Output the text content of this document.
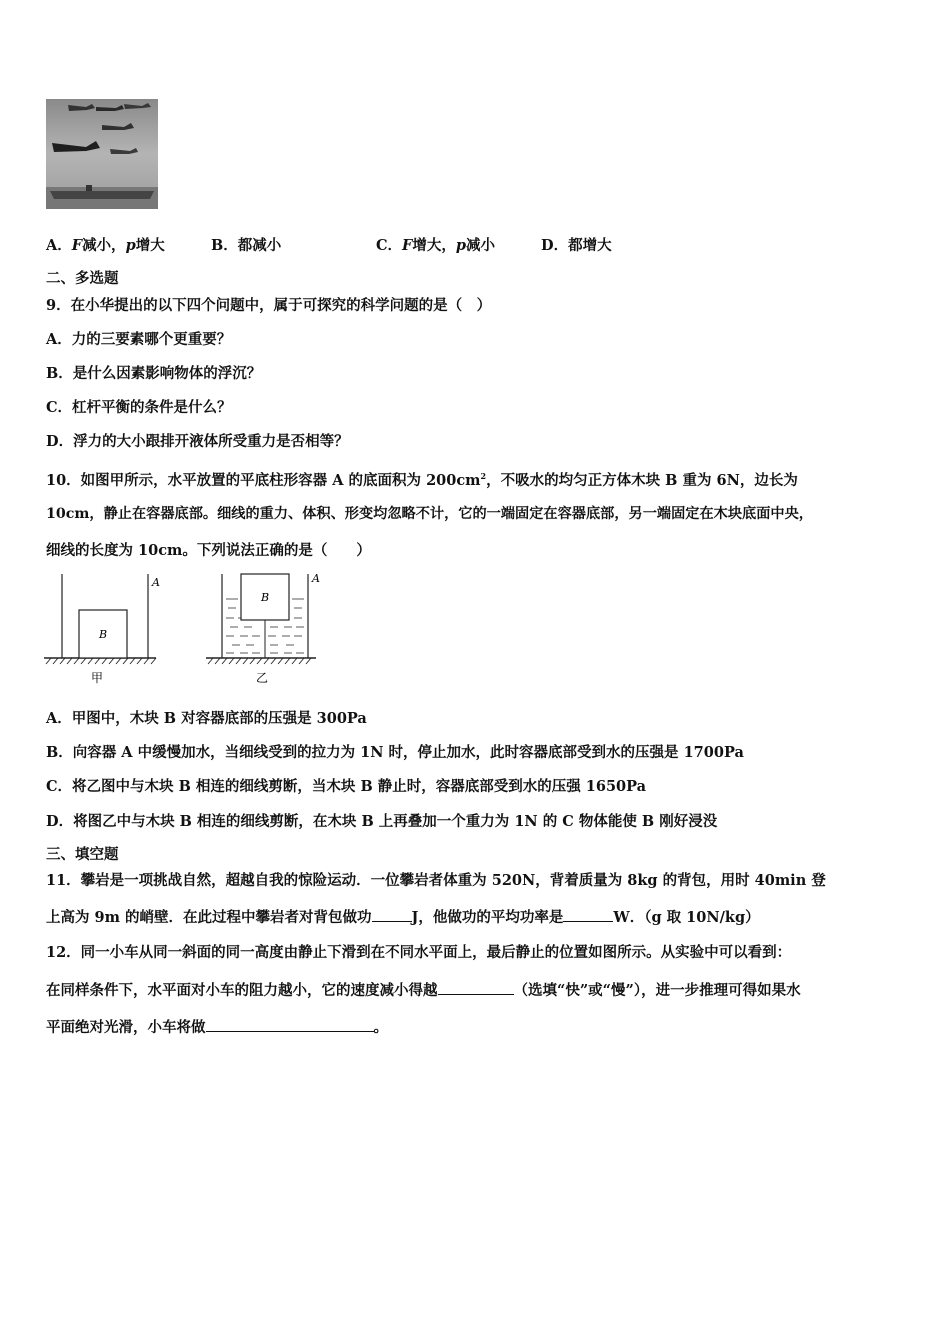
A．F减小，p增大	B．都减小	C．F增大，p减小	D．都增大
二、多选题
9．在小华提出的以下四个问题中，属于可探究的科学问题的是（　）
A．力的三要素哪个更重要？
B．是什么因素影响物体的浮沉？
C．杠杆平衡的条件是什么？
D．浮力的大小跟排开液体所受重力是否相等？
10．如图甲所示，水平放置的平底柱形容器 A 的底面积为 $200cm^2$，不吸水的均匀正方体木块 B 重为 6N，边长为
10cm，静止在容器底部。细线的重力、体积、形变均忽略不计，它的一端固定在容器底部，另一端固定在木块底面中央，
细线的长度为 10cm。下列说法正确的是（　　）
B
A
甲
B
A
乙
A．甲图中，木块 B 对容器底部的压强是 300Pa
B．向容器 A 中缓慢加水，当细线受到的拉力为 1N 时，停止加水，此时容器底部受到水的压强是 1700Pa
C．将乙图中与木块 B 相连的细线剪断，当木块 B 静止时，容器底部受到水的压强 1650Pa
D．将图乙中与木块 B 相连的细线剪断，在木块 B 上再叠加一个重力为 1N 的 C 物体能使 B 刚好浸没
三、填空题
11．攀岩是一项挑战自然，超越自我的惊险运动．一位攀岩者体重为 520N，背着质量为 8kg 的背包，用时 40min 登
上高为 9m 的峭壁．在此过程中攀岩者对背包做功	J，他做功的平均功率是	W．（g 取 10N/kg）
12．同一小车从同一斜面的同一高度由静止下滑到在不同水平面上，最后静止的位置如图所示。从实验中可以看到：
在同样条件下，水平面对小车的阻力越小，它的速度减小得越	（选填“快”或“慢”），进一步推理可得如果水
平面绝对光滑，小车将做	。
